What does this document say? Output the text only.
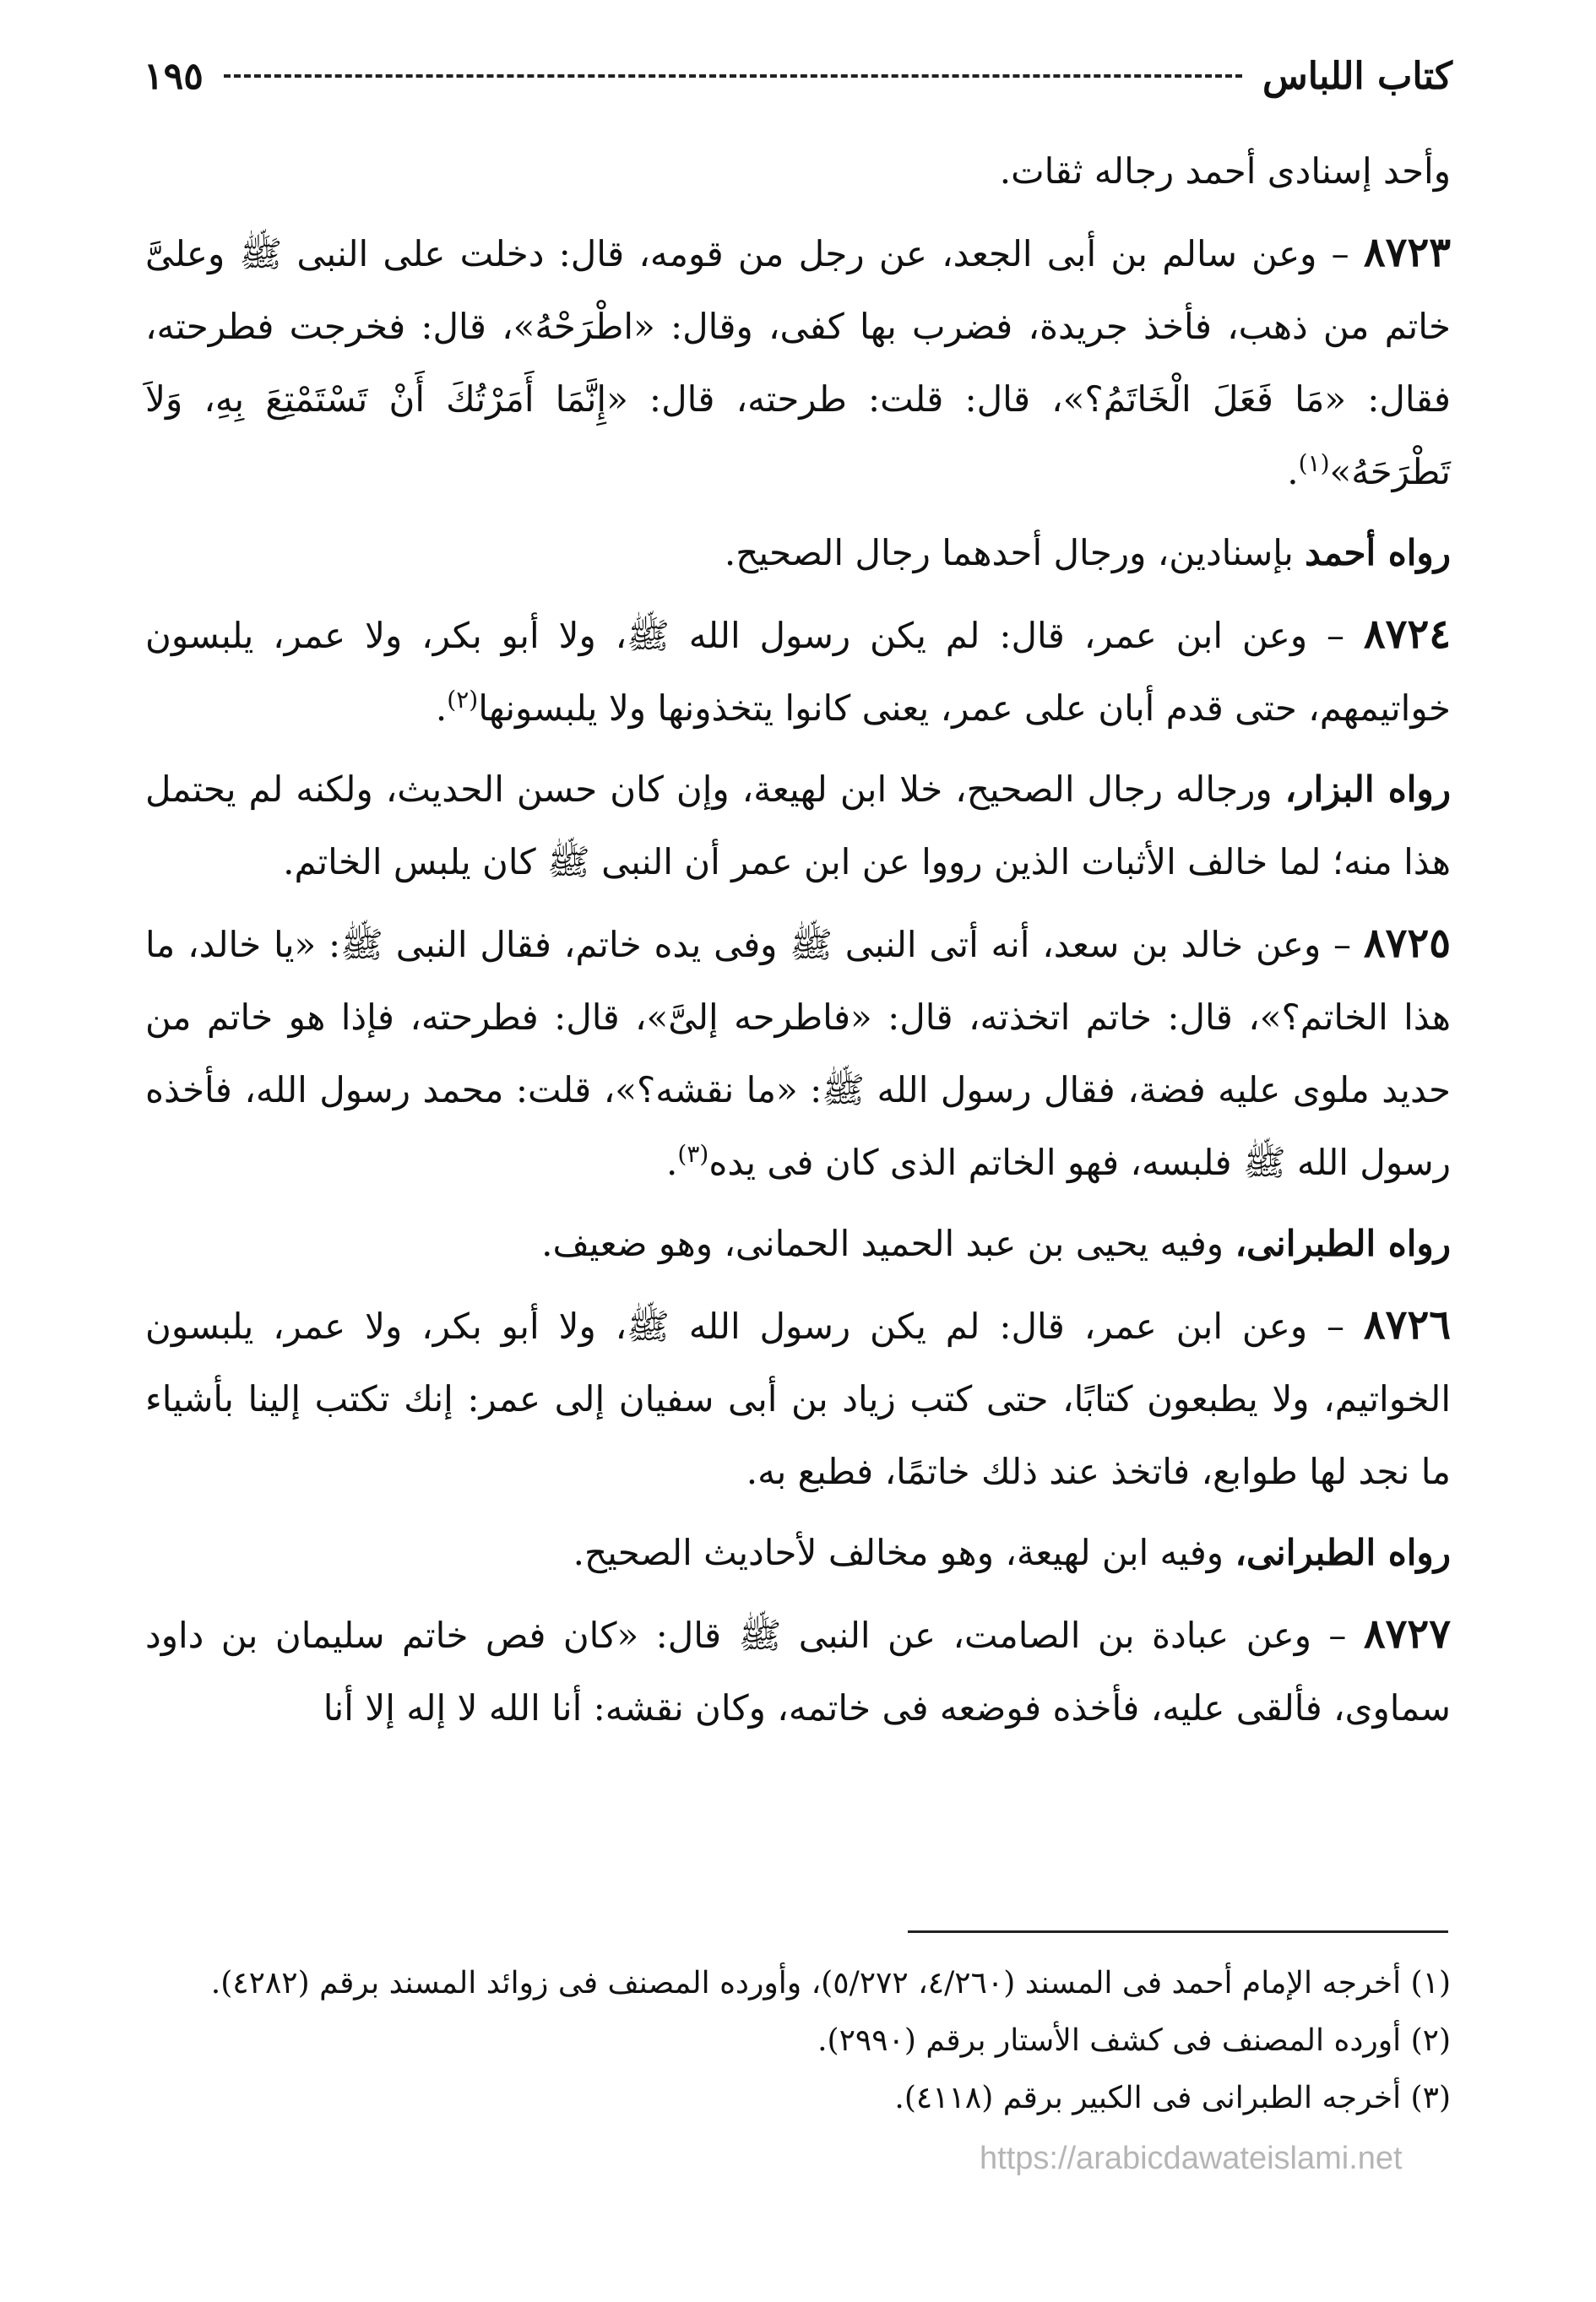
كتاب اللباس
١٩٥

وأحد إسنادى أحمد رجاله ثقات.

٨٧٢٣ – وعن سالم بن أبى الجعد، عن رجل من قومه، قال: دخلت على النبى ﷺ وعلىَّ خاتم من ذهب، فأخذ جريدة، فضرب بها كفى، وقال: «اطْرَحْهُ»، قال: فخرجت فطرحته، فقال: «مَا فَعَلَ الْخَاتَمُ؟»، قال: قلت: طرحته، قال: «إِنَّمَا أَمَرْتُكَ أَنْ تَسْتَمْتِعَ بِهِ، وَلاَ تَطْرَحَهُ»$^{(١)}$.

رواه أحمد بإسنادين، ورجال أحدهما رجال الصحيح.

٨٧٢٤ – وعن ابن عمر، قال: لم يكن رسول الله ﷺ، ولا أبو بكر، ولا عمر، يلبسون خواتيمهم، حتى قدم أبان على عمر، يعنى كانوا يتخذونها ولا يلبسونها$^{(٢)}$.

رواه البزار، ورجاله رجال الصحيح، خلا ابن لهيعة، وإن كان حسن الحديث، ولكنه لم يحتمل هذا منه؛ لما خالف الأثبات الذين رووا عن ابن عمر أن النبى ﷺ كان يلبس الخاتم.

٨٧٢٥ – وعن خالد بن سعد، أنه أتى النبى ﷺ وفى يده خاتم، فقال النبى ﷺ: «يا خالد، ما هذا الخاتم؟»، قال: خاتم اتخذته، قال: «فاطرحه إلىَّ»، قال: فطرحته، فإذا هو خاتم من حديد ملوى عليه فضة، فقال رسول الله ﷺ: «ما نقشه؟»، قلت: محمد رسول الله، فأخذه رسول الله ﷺ فلبسه، فهو الخاتم الذى كان فى يده$^{(٣)}$.

رواه الطبرانى، وفيه يحيى بن عبد الحميد الحمانى، وهو ضعيف.

٨٧٢٦ – وعن ابن عمر، قال: لم يكن رسول الله ﷺ، ولا أبو بكر، ولا عمر، يلبسون الخواتيم، ولا يطبعون كتابًا، حتى كتب زياد بن أبى سفيان إلى عمر: إنك تكتب إلينا بأشياء ما نجد لها طوابع، فاتخذ عند ذلك خاتمًا، فطبع به.

رواه الطبرانى، وفيه ابن لهيعة، وهو مخالف لأحاديث الصحيح.

٨٧٢٧ – وعن عبادة بن الصامت، عن النبى ﷺ قال: «كان فص خاتم سليمان بن داود سماوى، فألقى عليه، فأخذه فوضعه فى خاتمه، وكان نقشه: أنا الله لا إله إلا أنا

(١) أخرجه الإمام أحمد فى المسند (٤/٢٦٠، ٥/٢٧٢)، وأورده المصنف فى زوائد المسند برقم (٤٢٨٢).

(٢) أورده المصنف فى كشف الأستار برقم (٢٩٩٠).

(٣) أخرجه الطبرانى فى الكبير برقم (٤١١٨).

https://arabicdawateislami.net
